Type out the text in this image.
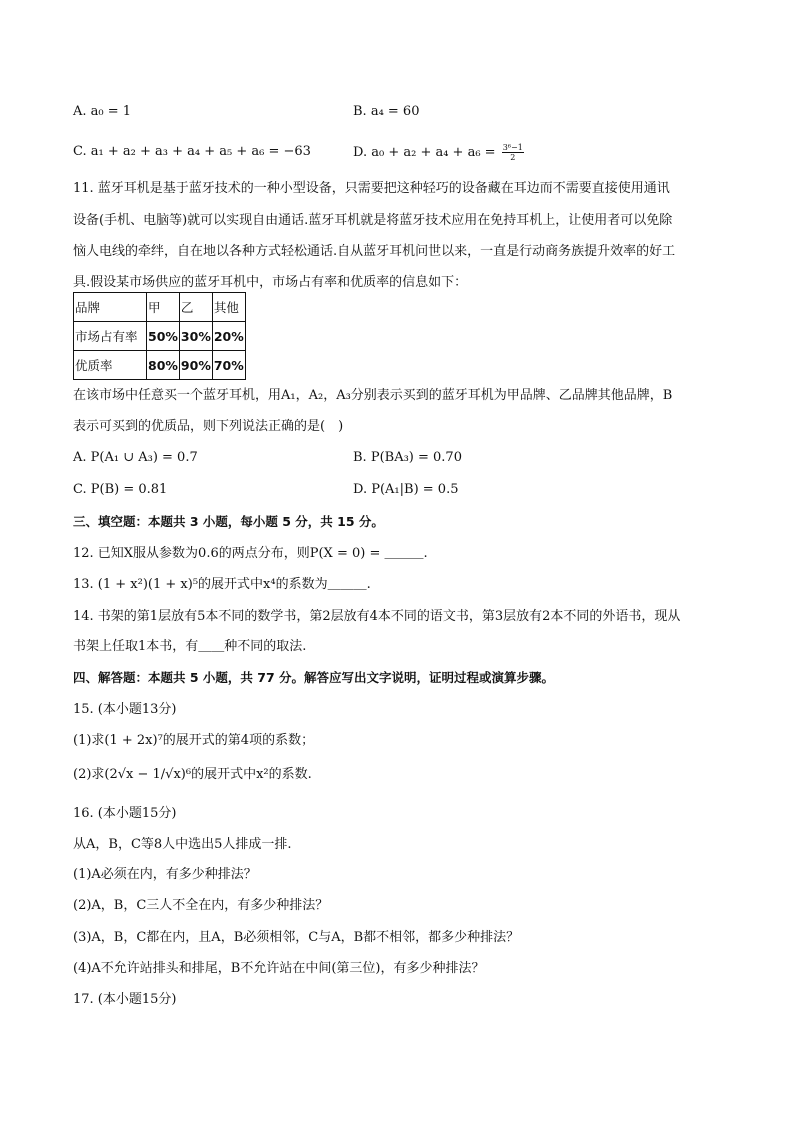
A. a₀ = 1	B. a₄ = 60
C. a₁ + a₂ + a₃ + a₄ + a₅ + a₆ = −63	D. $a_0 + a_2 + a_4 + a_6 = \frac{\text{3⁶−1}}{2}$
11. 蓝牙耳机是基于蓝牙技术的一种小型设备，只需要把这种轻巧的设备藏在耳边而不需要直接使用通讯
设备(手机、电脑等)就可以实现自由通话.蓝牙耳机就是将蓝牙技术应用在免持耳机上，让使用者可以免除
恼人电线的牵绊，自在地以各种方式轻松通话.自从蓝牙耳机问世以来，一直是行动商务族提升效率的好工
具.假设某市场供应的蓝牙耳机中，市场占有率和优质率的信息如下：
品牌	甲	乙	其他
市场占有率	50%	30%	20%
优质率	80%	90%	70%
在该市场中任意买一个蓝牙耳机，用A₁，A₂，A₃分别表示买到的蓝牙耳机为甲品牌、乙品牌其他品牌，B
表示可买到的优质品，则下列说法正确的是(　)
A. P(A₁ ∪ A₃) = 0.7	B. P(BA₃) = 0.70
C. P(B) = 0.81	D. P(A₁|B) = 0.5
三、填空题：本题共 3 小题，每小题 5 分，共 15 分。
12. 已知X服从参数为0.6的两点分布，则P(X = 0) = ＿＿＿.
13. (1 + x²)(1 + x)⁵的展开式中x⁴的系数为＿＿＿.
14. 书架的第1层放有5本不同的数学书，第2层放有4本不同的语文书，第3层放有2本不同的外语书，现从
书架上任取1本书，有＿＿种不同的取法.
四、解答题：本题共 5 小题，共 77 分。解答应写出文字说明，证明过程或演算步骤。
15. (本小题13分)
(1)求(1 + 2x)⁷的展开式的第4项的系数；
(2)求(2√x − 1/√x)⁶的展开式中x²的系数.
16. (本小题15分)
从A，B，C等8人中选出5人排成一排.
(1)A必须在内，有多少种排法？
(2)A，B，C三人不全在内，有多少种排法？
(3)A，B，C都在内，且A，B必须相邻，C与A，B都不相邻，都多少种排法？
(4)A不允许站排头和排尾，B不允许站在中间(第三位)，有多少种排法？
17. (本小题15分)
